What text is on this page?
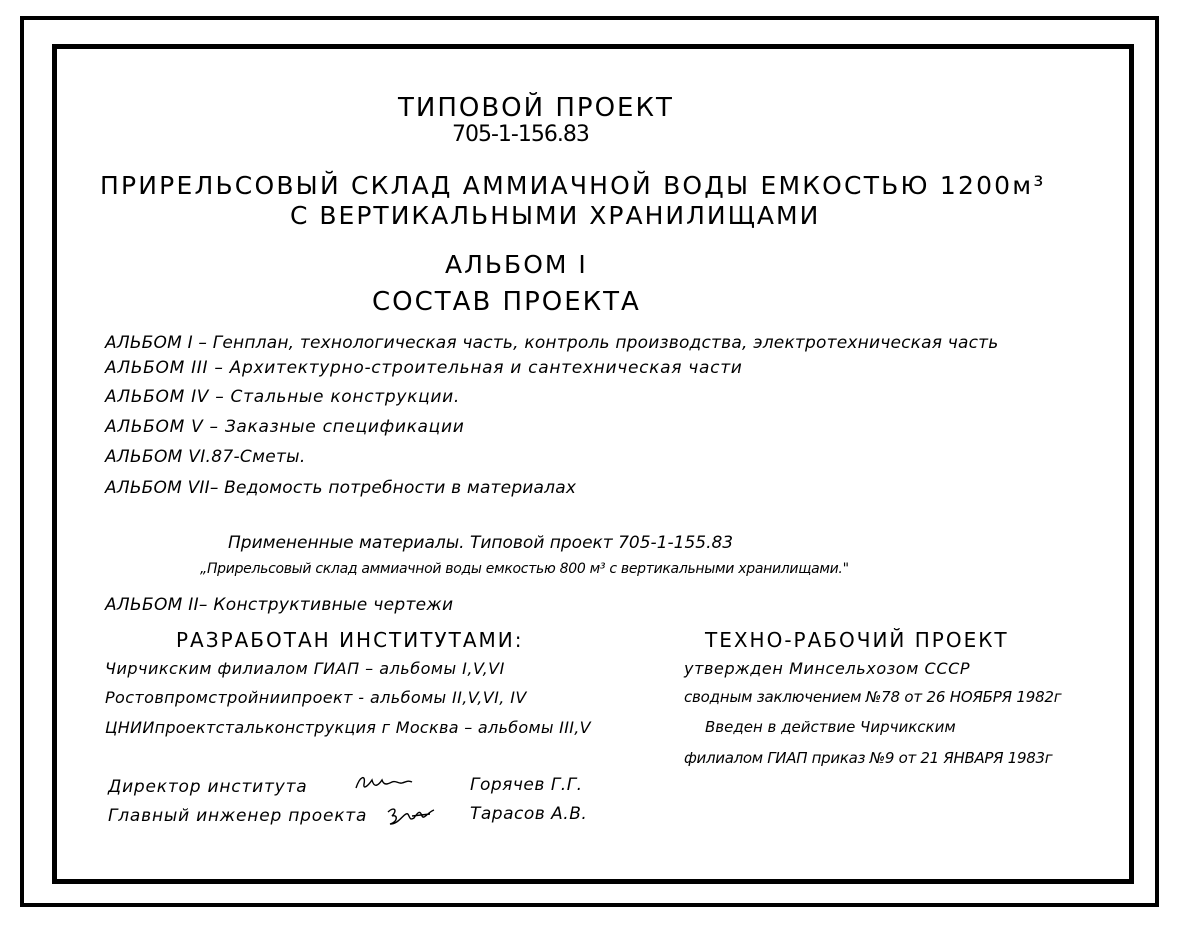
ТИПОВОЙ ПРОЕКТ
705-1-156.83
ПРИРЕЛЬСОВЫЙ СКЛАД АММИАЧНОЙ ВОДЫ ЕМКОСТЬЮ 1200м³
С ВЕРТИКАЛЬНЫМИ ХРАНИЛИЩАМИ
АЛЬБОМ I
СОСТАВ ПРОЕКТА
АЛЬБОМ I – Генплан, технологическая часть, контроль производства, электротехническая часть
АЛЬБОМ III – Архитектурно-строительная и сантехническая части
АЛЬБОМ IV – Стальные конструкции.
АЛЬБОМ V – Заказные спецификации
АЛЬБОМ VI.87-Сметы.
АЛЬБОМ VII– Ведомость потребности в материалах
Примененные материалы. Типовой проект 705-1-155.83
„Прирельсовый склад аммиачной воды емкостью 800 м³ с вертикальными хранилищами."
АЛЬБОМ II– Конструктивные чертежи
РАЗРАБОТАН ИНСТИТУТАМИ:
Чирчикским филиалом ГИАП – альбомы I,V,VI
Ростовпромстройниипроект - альбомы II,V,VI, IV
ЦНИИпроектстальконструкция г Москва – альбомы III,V
ТЕХНО-РАБОЧИЙ ПРОЕКТ
утвержден Минсельхозом СССР
сводным заключением №78 от 26 НОЯБРЯ 1982г
Введен в действие Чирчикским
филиалом ГИАП приказ №9 от 21 ЯНВАРЯ 1983г
Директор института	Горячев Г.Г.
Главный инженер проекта	Тарасов А.В.
